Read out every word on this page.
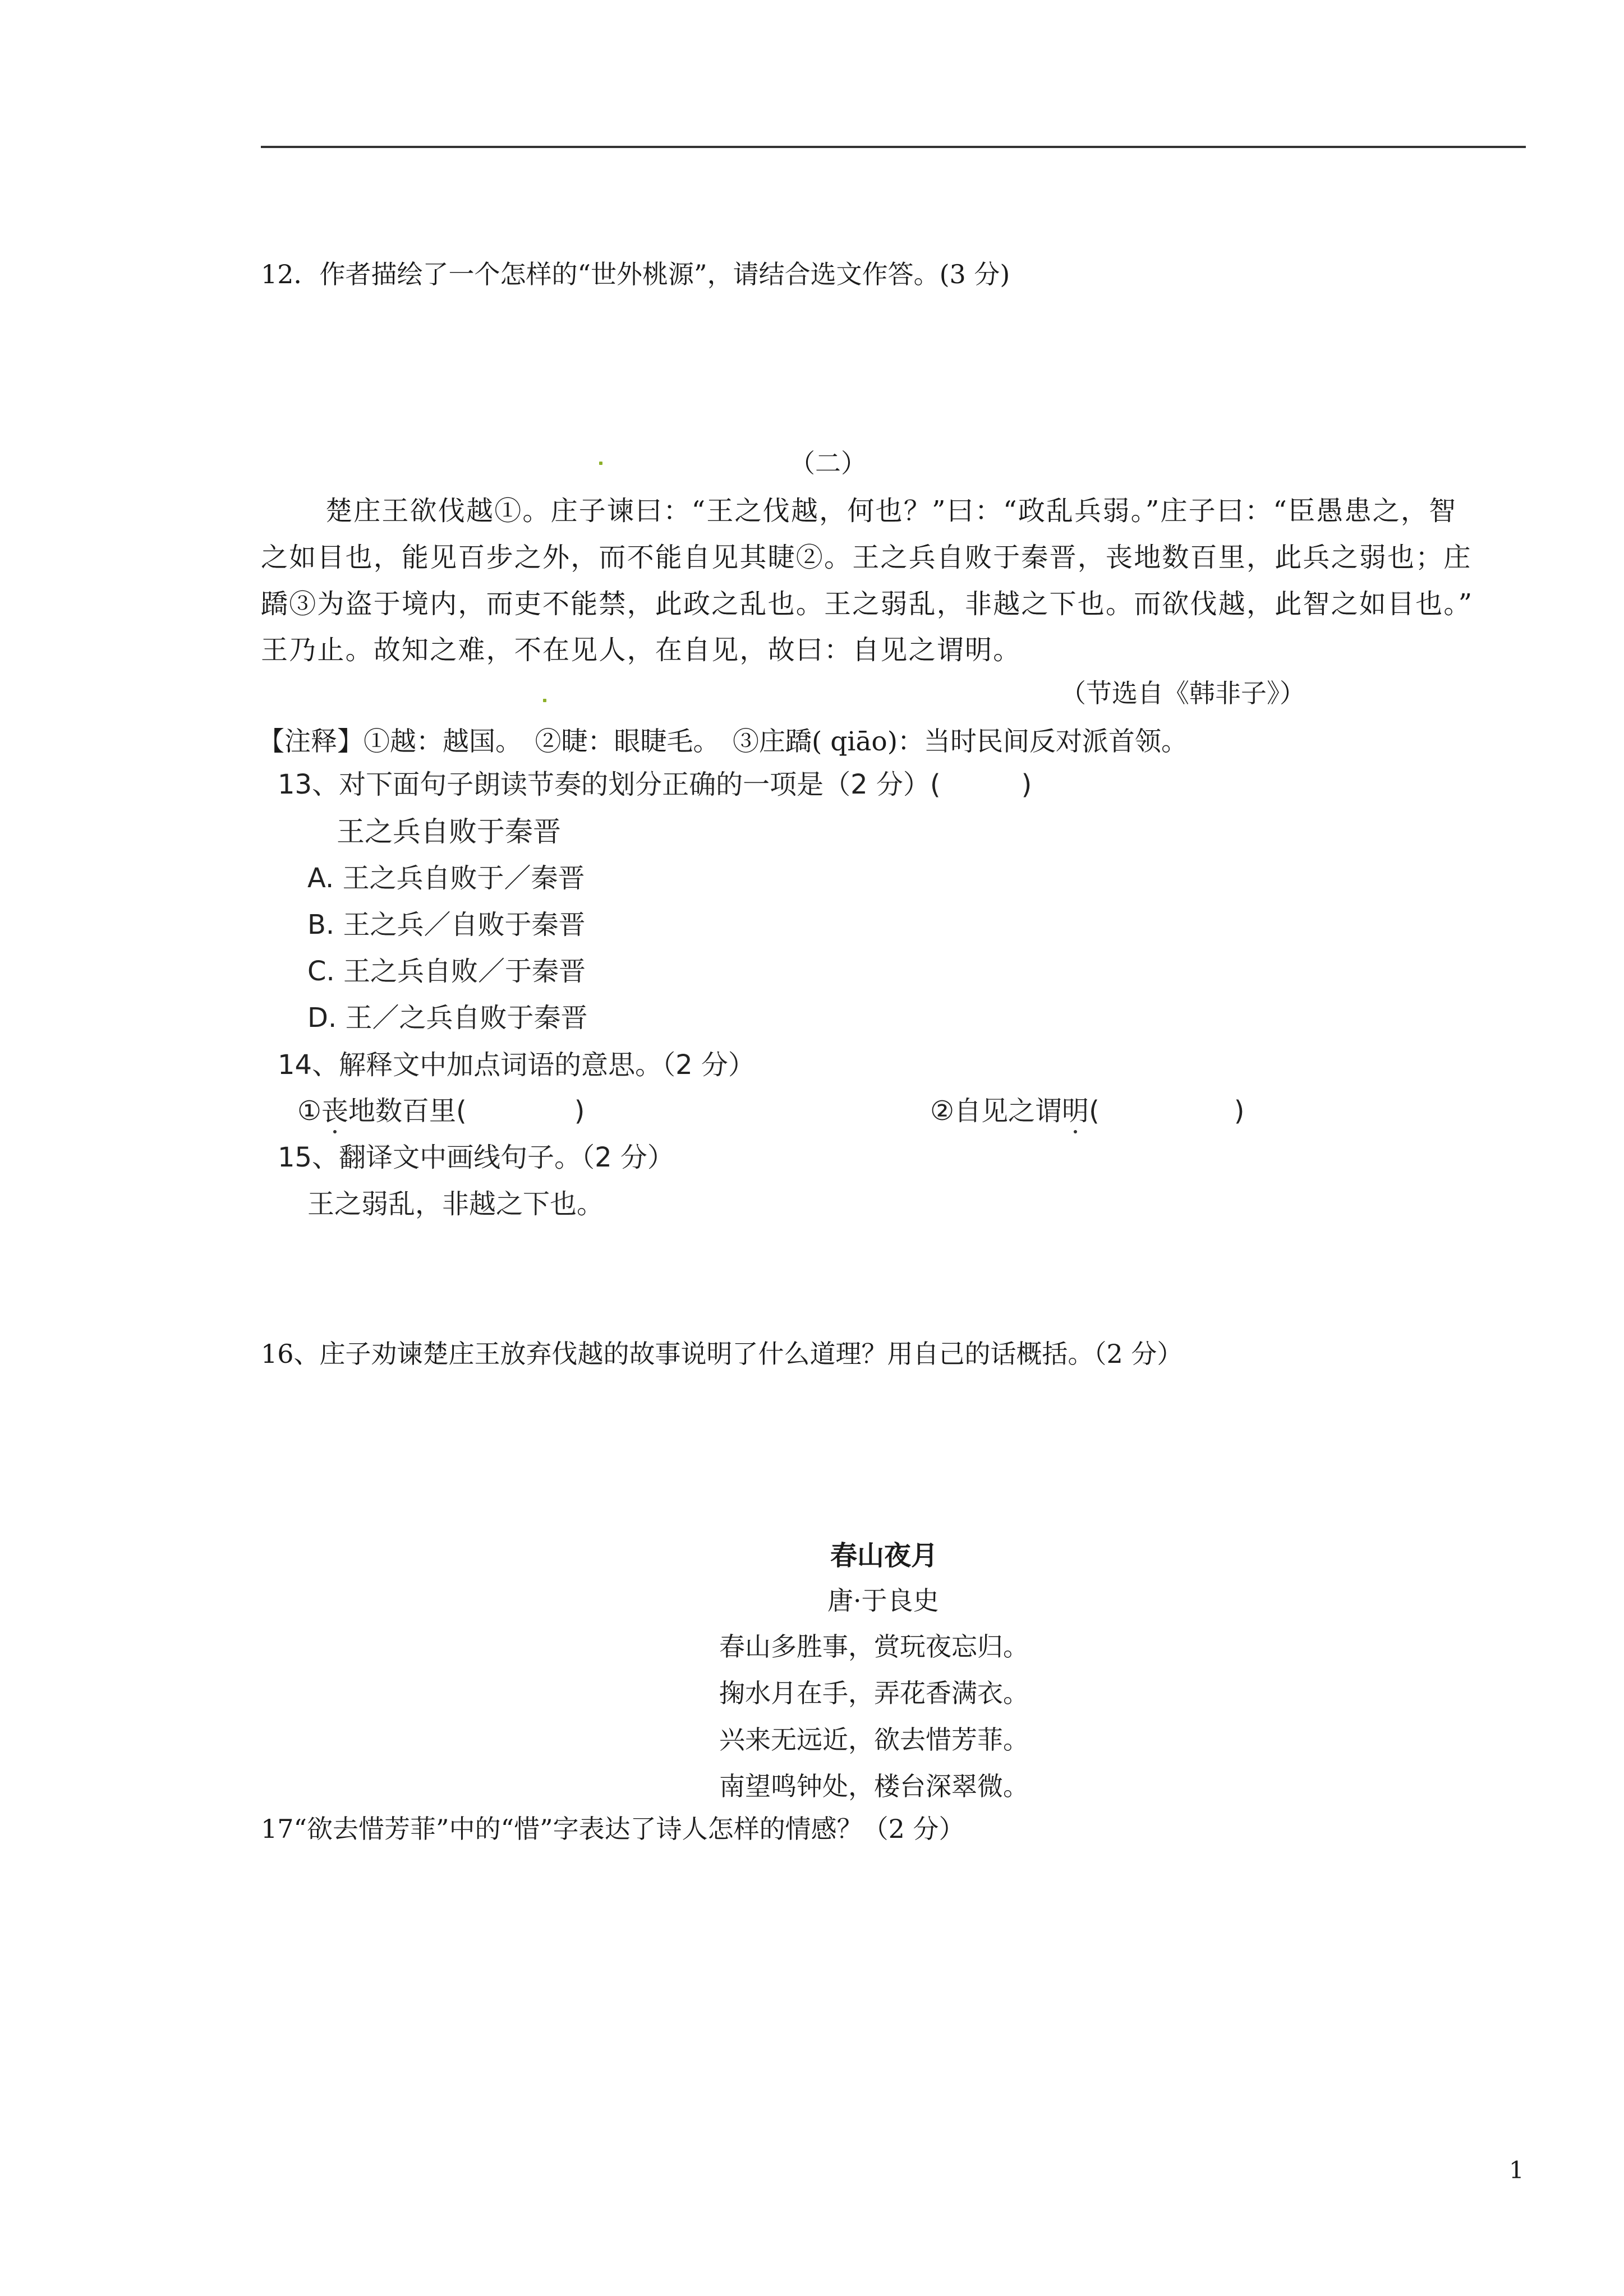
12．作者描绘了一个怎样的“世外桃源”，请结合选文作答。(3 分)
（二）
楚庄王欲伐越①。庄子谏曰：“王之伐越，何也？”曰：“政乱兵弱。”庄子曰：“臣愚患之，智
之如目也，能见百步之外，而不能自见其睫②。王之兵自败于秦晋，丧地数百里，此兵之弱也；庄
蹻③为盗于境内，而吏不能禁，此政之乱也。王之弱乱，非越之下也。而欲伐越，此智之如目也。”
王乃止。故知之难，不在见人，在自见，故曰：自见之谓明。
（节选自《韩非子》）
【注释】①越：越国。　②睫：眼睫毛。　③庄蹻( qiāo)：当时民间反对派首领。
13、对下面句子朗读节奏的划分正确的一项是（2 分）(　　　)
王之兵自败于秦晋
A. 王之兵自败于／秦晋
B. 王之兵／自败于秦晋
C. 王之兵自败／于秦晋
D. 王／之兵自败于秦晋
14、解释文中加点词语的意思。（2 分）
①丧地数百里(　　　　)	②自见之谓明(　　　　　)
15、翻译文中画线句子。（2 分）
王之弱乱，非越之下也。
16、庄子劝谏楚庄王放弃伐越的故事说明了什么道理？用自己的话概括。（2 分）
春山夜月
唐·于良史
春山多胜事，赏玩夜忘归。
掬水月在手，弄花香满衣。
兴来无远近，欲去惜芳菲。
南望鸣钟处，楼台深翠微。
17“欲去惜芳菲”中的“惜”字表达了诗人怎样的情感？（2 分）
1
